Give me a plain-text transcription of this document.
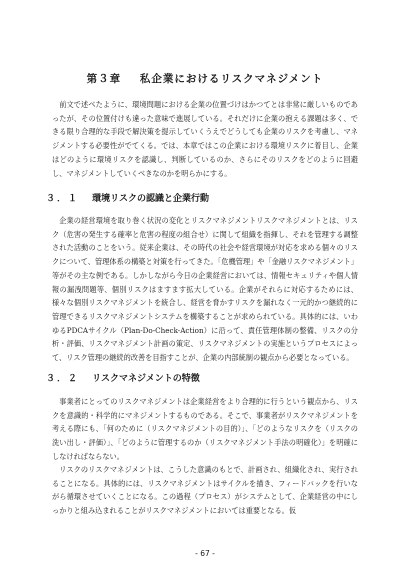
第３章 私企業におけるリスクマネジメント

前文で述べたように、環境問題における企業の位置づけはかつてとは非常に厳しいものであったが、その位置付けも違った意味で進展している。それだけに企業の抱える課題は多く、できる限り合理的な手段で解決策を提示していくうえでどうしても企業のリスクを考慮し、マネジメントする必要性がでてくる。では、本章ではこの企業における環境リスクに着目し、企業はどのように環境リスクを認識し、判断しているのか、さらにそのリスクをどのように回避し、マネジメントしていくべきなのかを明らかにする。

３．１ 環境リスクの認識と企業行動

企業の経営環境を取り巻く状況の変化とリスクマネジメントリスクマネジメントとは、リスク（危害の発生する確率と危害の程度の組合せ）に関して組織を指揮し、それを管理する調整された活動のことをいう。従来企業は、その時代の社会や経営環境が対応を求める個々のリスクについて、管理体系の構築と対策を行ってきた。「危機管理」や「金融リスクマネジメント」等がその主な例である。しかしながら今日の企業経営においては、情報セキュリティや個人情報の漏洩問題等、個別リスクはますます拡大している。企業がそれらに対応するためには、様々な個別リスクマネジメントを統合し、経営を脅かすリスクを漏れなく一元的かつ継続的に管理できるリスクマネジメントシステムを構築することが求められている。具体的には、いわゆるPDCAサイクル（Plan-Do-Check-Action）に沿って、責任管理体制の整備、リスクの分析・評価、リスクマネジメント計画の策定、リスクマネジメントの実施というプロセスによって、リスク管理の継続的改善を目指すことが、企業の内部統制の観点から必要となっている。

３．２ リスクマネジメントの特徴

事業者にとってのリスクマネジメントは企業経営をより合理的に行うという観点から、リスクを意識的・科学的にマネジメントするものである。そこで、事業者がリスクマネジメントを考える際にも、「何のために（リスクマネジメントの目的）」、「どのようなリスクを（リスクの洗い出し・評価）」、「どのように管理するのか（リスクマネジメント手法の明確化）」を明確にしなければならない。

リスクのリスクマネジメントは、こうした意識のもとで、計画され、組織化され、実行されることになる。具体的には、リスクマネジメントはサイクルを描き、フィードバックを行いながら循環させていくことになる。この過程（プロセス）がシステムとして、企業経営の中にしっかりと組み込まれることがリスクマネジメントにおいては重要となる。仮

- 67 -
